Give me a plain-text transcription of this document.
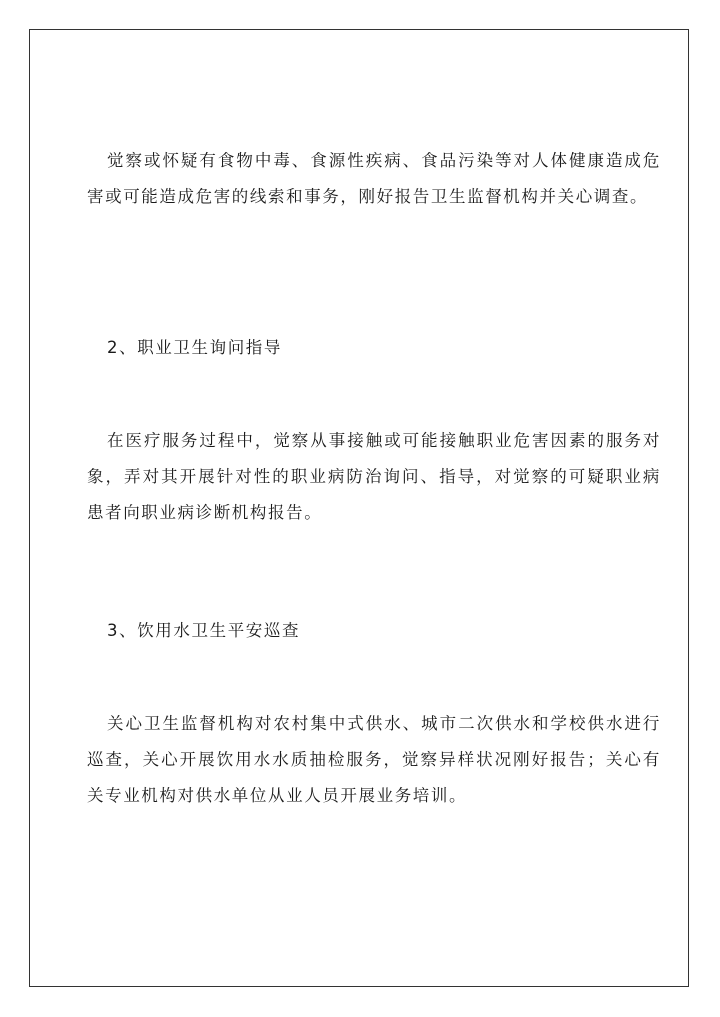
觉察或怀疑有食物中毒、食源性疾病、食品污染等对人体健康造成危害或可能造成危害的线索和事务，刚好报告卫生监督机构并关心调查。

2、职业卫生询问指导

在医疗服务过程中，觉察从事接触或可能接触职业危害因素的服务对象，弄对其开展针对性的职业病防治询问、指导，对觉察的可疑职业病患者向职业病诊断机构报告。

3、饮用水卫生平安巡查

关心卫生监督机构对农村集中式供水、城市二次供水和学校供水进行巡查，关心开展饮用水水质抽检服务，觉察异样状况刚好报告；关心有关专业机构对供水单位从业人员开展业务培训。
